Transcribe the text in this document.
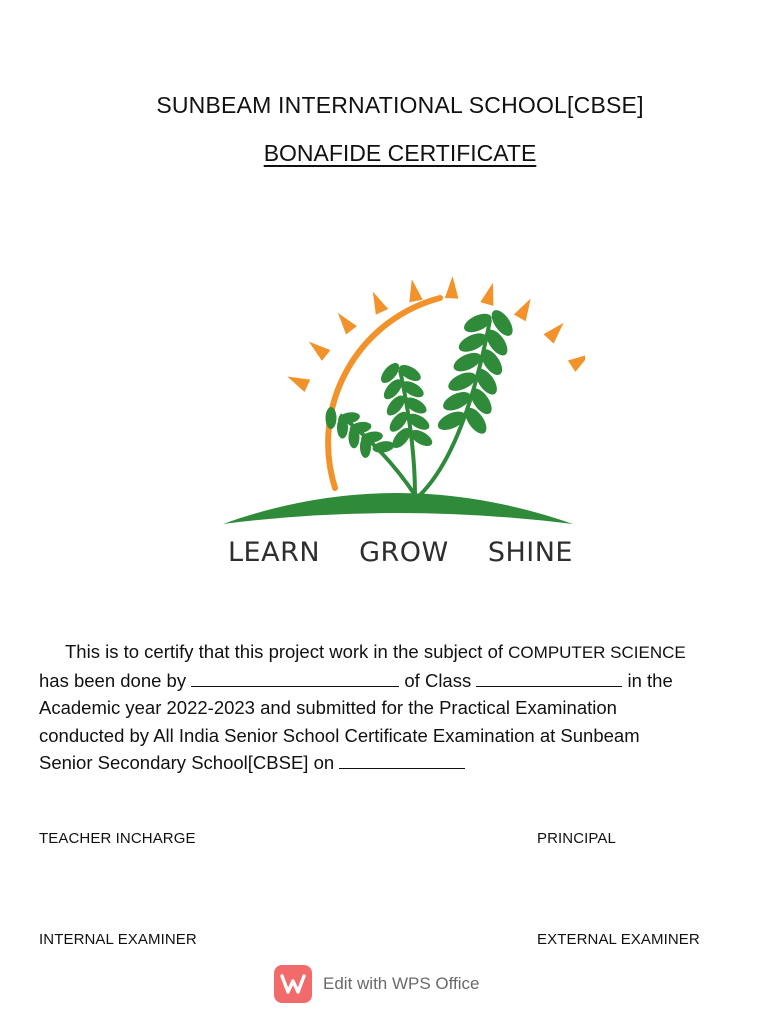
SUNBEAM INTERNATIONAL SCHOOL[CBSE]
BONAFIDE CERTIFICATE
LEARN GROW SHINE

This is to certify that this project work in the subject of COMPUTER SCIENCE
has been done by	of Class	in the
Academic year 2022-2023 and submitted for the Practical Examination
conducted by All India Senior School Certificate Examination at Sunbeam
Senior Secondary School[CBSE] on

TEACHER INCHARGE	PRINCIPAL
INTERNAL EXAMINER	EXTERNAL EXAMINER
Edit with WPS Office
